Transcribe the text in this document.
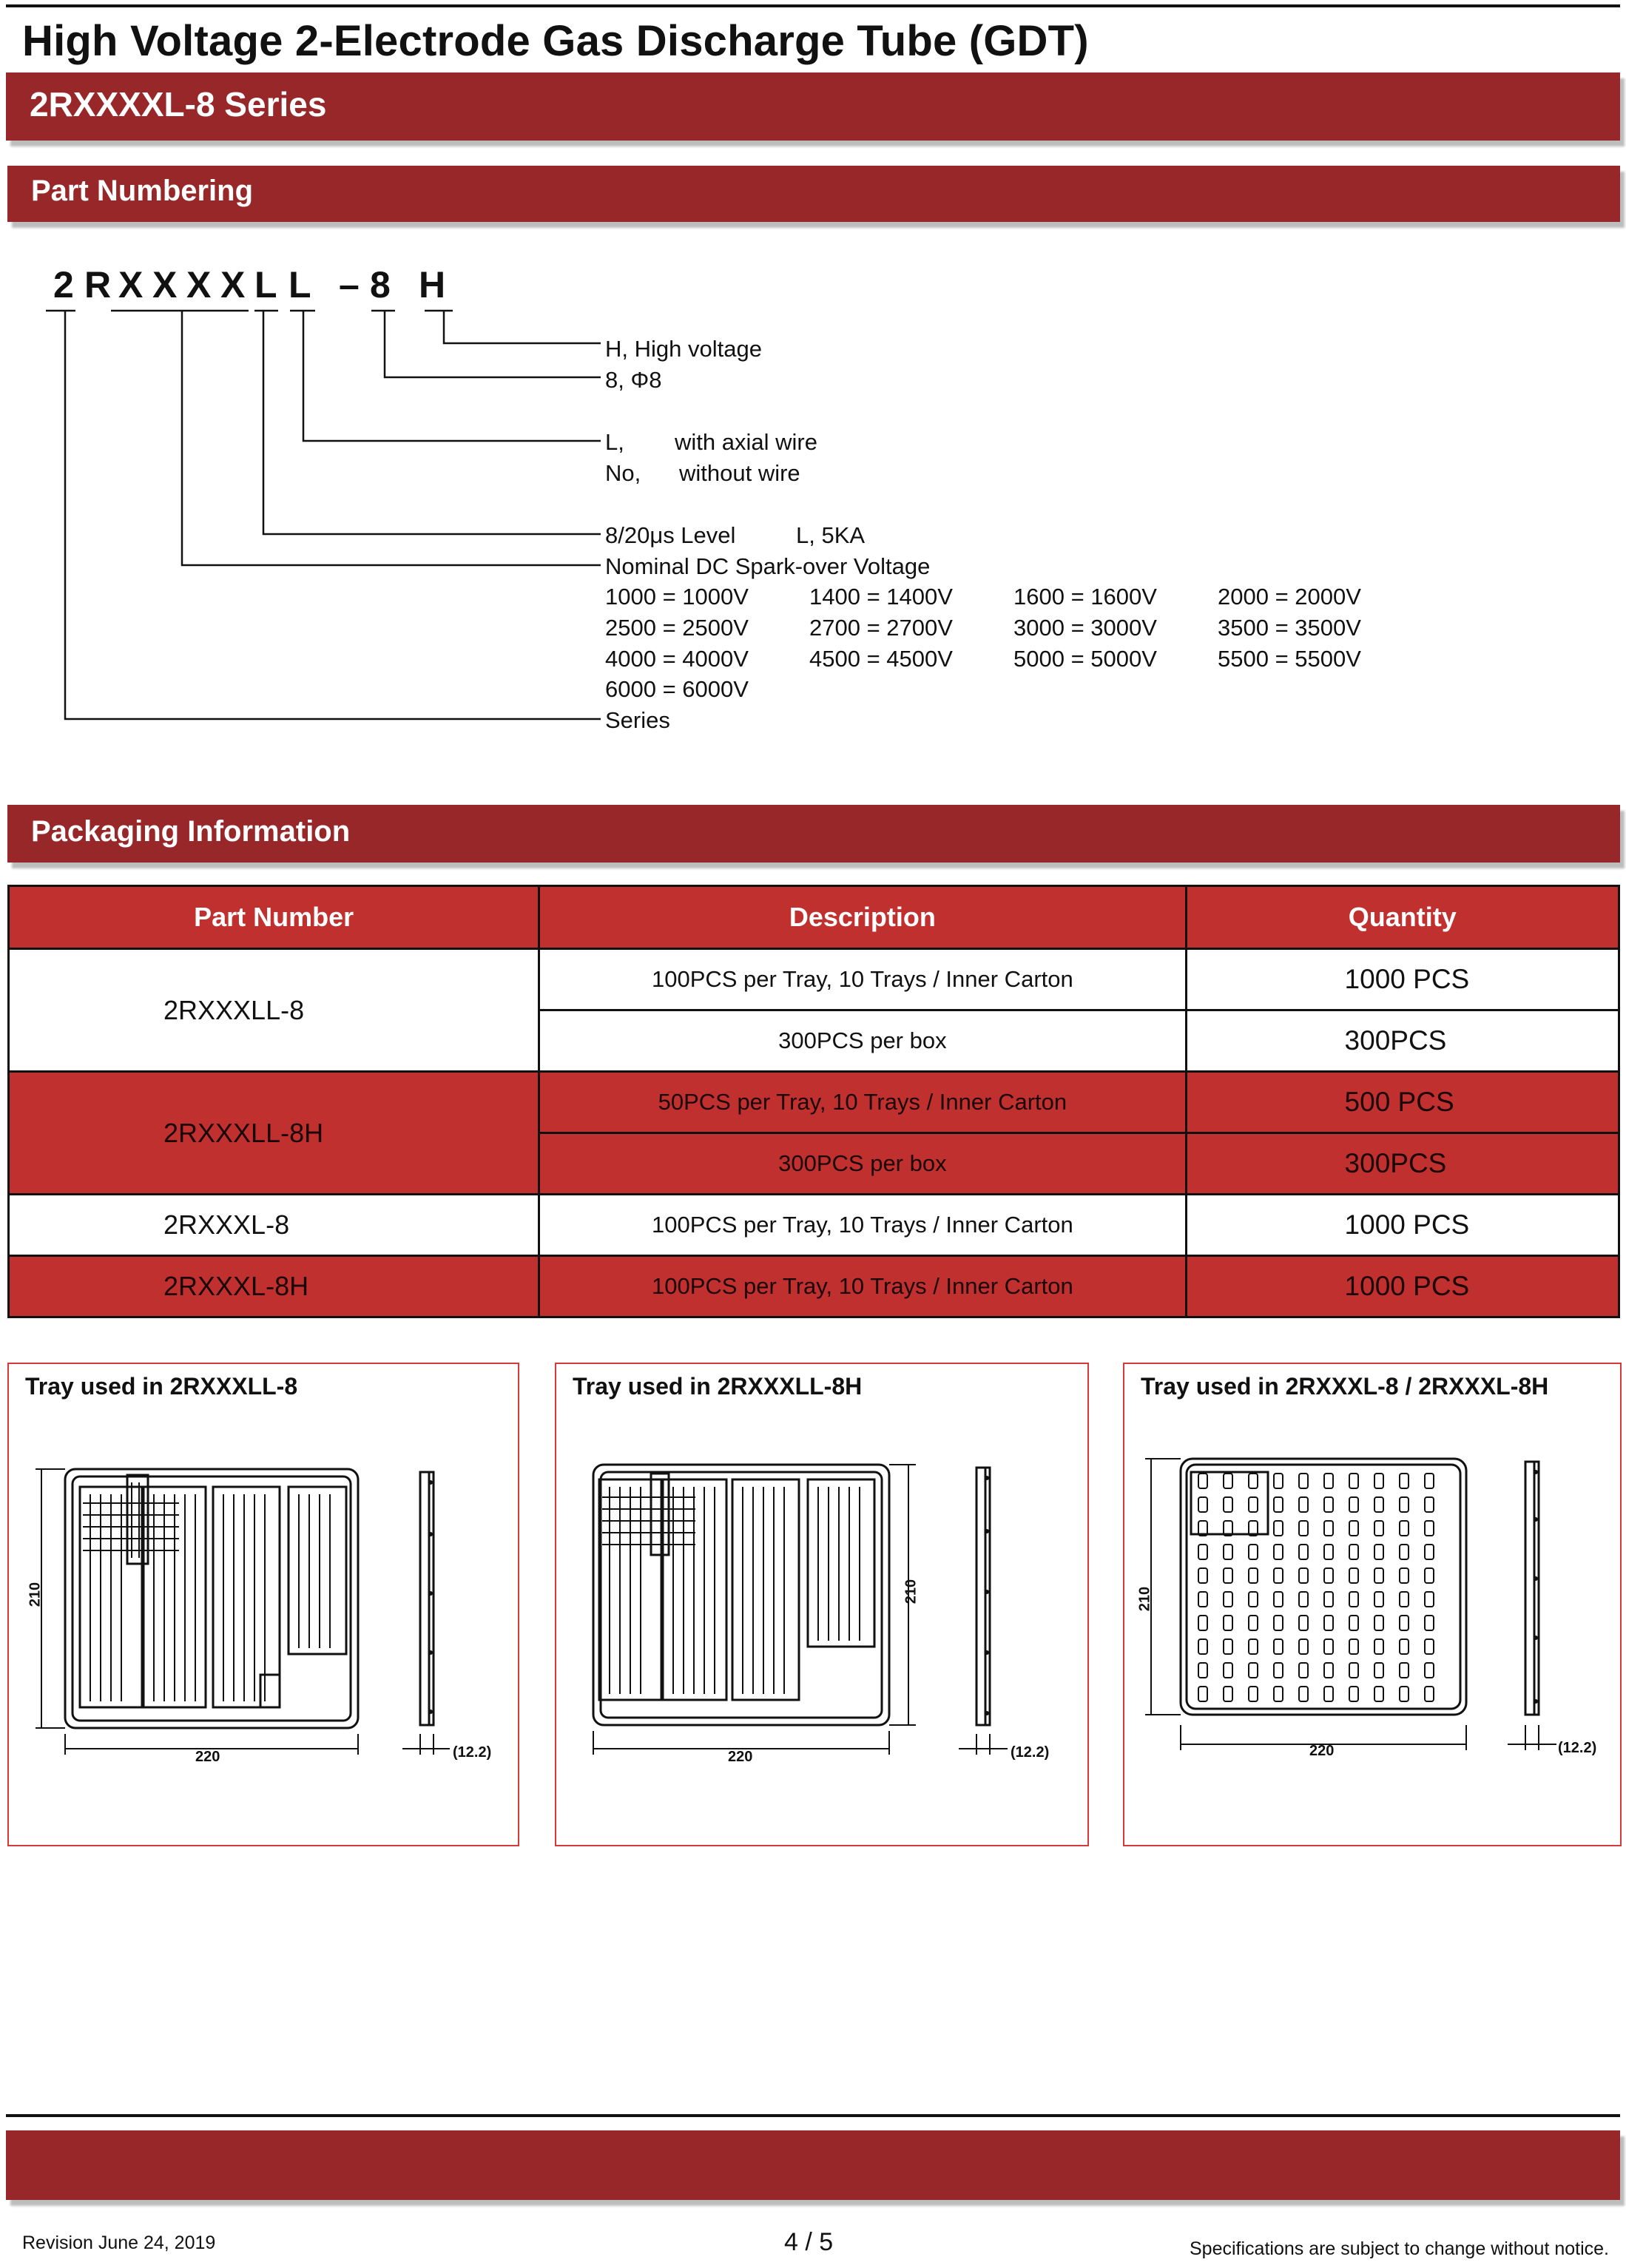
High Voltage 2-Electrode Gas Discharge Tube (GDT)
2RXXXXL-8 Series
Part Numbering
2 R X X X X L L – 8 H
H, High voltage
8, Φ8
L, with axial wire
No, without wire
8/20μs Level	L, 5KA
Nominal DC Spark-over Voltage
1000 = 1000V	1400 = 1400V	1600 = 1600V	2000 = 2000V
2500 = 2500V	2700 = 2700V	3000 = 3000V	3500 = 3500V
4000 = 4000V	4500 = 4500V	5000 = 5000V	5500 = 5500V
6000 = 6000V
Series
Packaging Information
Part Number	Description	Quantity
2RXXXLL-8	100PCS per Tray, 10 Trays / Inner Carton	1000 PCS
	300PCS per box	300PCS
2RXXXLL-8H	50PCS per Tray, 10 Trays / Inner Carton	500 PCS
	300PCS per box	300PCS
2RXXXL-8	100PCS per Tray, 10 Trays / Inner Carton	1000 PCS
2RXXXL-8H	100PCS per Tray, 10 Trays / Inner Carton	1000 PCS
Tray used in 2RXXXLL-8
210
220	(12.2)
Tray used in 2RXXXLL-8H
210
220	(12.2)
Tray used in 2RXXXL-8 / 2RXXXL-8H
210
220	(12.2)
Revision June 24, 2019	4 / 5	Specifications are subject to change without notice.
